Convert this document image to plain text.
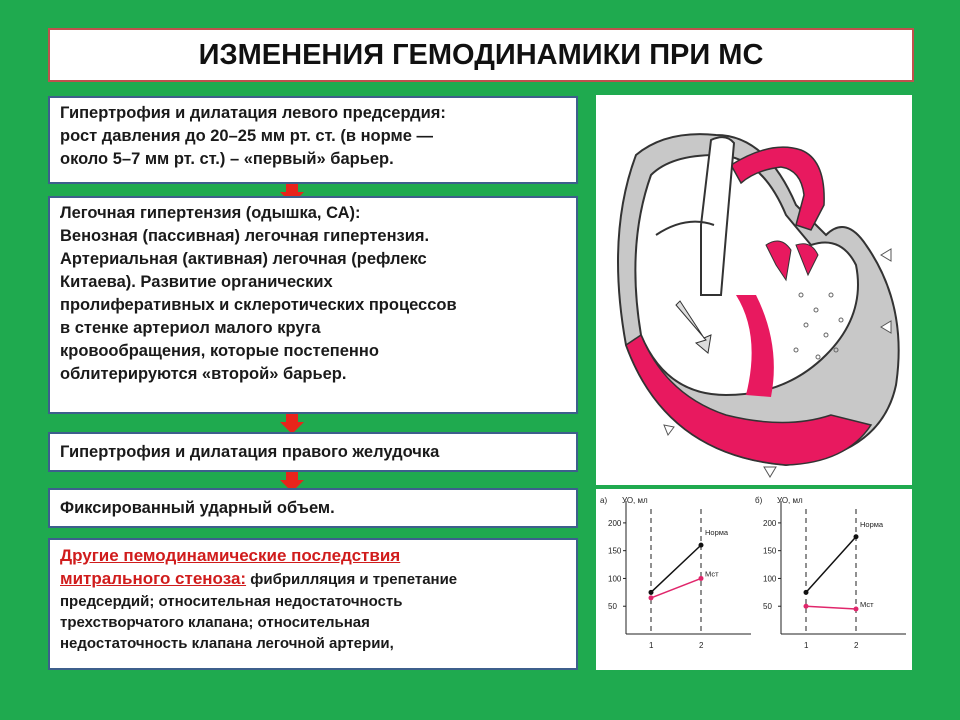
ИЗМЕНЕНИЯ ГЕМОДИНАМИКИ ПРИ МС
Гипертрофия и дилатация левого предсердия:
рост давления до 20–25 мм рт. ст. (в норме —
около 5–7 мм рт. ст.) – «первый» барьер.
Легочная гипертензия (одышка, СА):
Венозная (пассивная) легочная гипертензия.
Артериальная (активная) легочная (рефлекс
Китаева). Развитие органических
пролиферативных и склеротических процессов
в стенке артериол малого круга
кровообращения, которые постепенно
облитерируются «второй» барьер.
Гипертрофия и дилатация правого желудочка
Фиксированный ударный объем.
Другие пемодинамические последствия
митрального стеноза: фибрилляция и трепетание
предсердий; относительная недостаточность
трехстворчатого клапана; относительная
недостаточность клапана легочной артерии,
а) УО, мл
50
100
150
200
1	2
Норма
Мст
б) УО, мл
50
100
150
200
1	2
Норма
Мст
